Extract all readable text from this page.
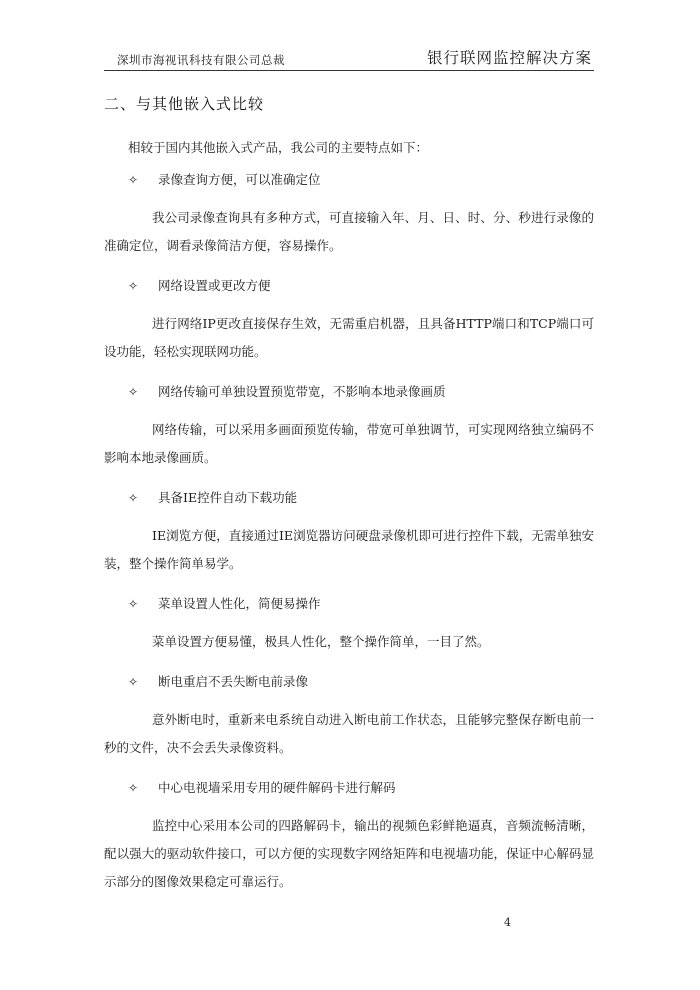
深圳市海视讯科技有限公司总裁	银行联网监控解决方案
二、与其他嵌入式比较
相较于国内其他嵌入式产品，我公司的主要特点如下：
✧	录像查询方便，可以准确定位
我公司录像查询具有多种方式，可直接输入年、月、日、时、分、秒进行录像的准确定位，调看录像简洁方便，容易操作。
✧	网络设置或更改方便
进行网络IP更改直接保存生效，无需重启机器，且具备HTTP端口和TCP端口可设功能，轻松实现联网功能。
✧	网络传输可单独设置预览带宽，不影响本地录像画质
网络传输，可以采用多画面预览传输，带宽可单独调节，可实现网络独立编码不影响本地录像画质。
✧	具备IE控件自动下载功能
IE浏览方便，直接通过IE浏览器访问硬盘录像机即可进行控件下载，无需单独安装，整个操作简单易学。
✧	菜单设置人性化，简便易操作
菜单设置方便易懂，极具人性化，整个操作简单，一目了然。
✧	断电重启不丢失断电前录像
意外断电时，重新来电系统自动进入断电前工作状态，且能够完整保存断电前一秒的文件，决不会丢失录像资料。
✧	中心电视墙采用专用的硬件解码卡进行解码
监控中心采用本公司的四路解码卡，输出的视频色彩鲜艳逼真，音频流畅清晰，配以强大的驱动软件接口，可以方便的实现数字网络矩阵和电视墙功能，保证中心解码显示部分的图像效果稳定可靠运行。
4
